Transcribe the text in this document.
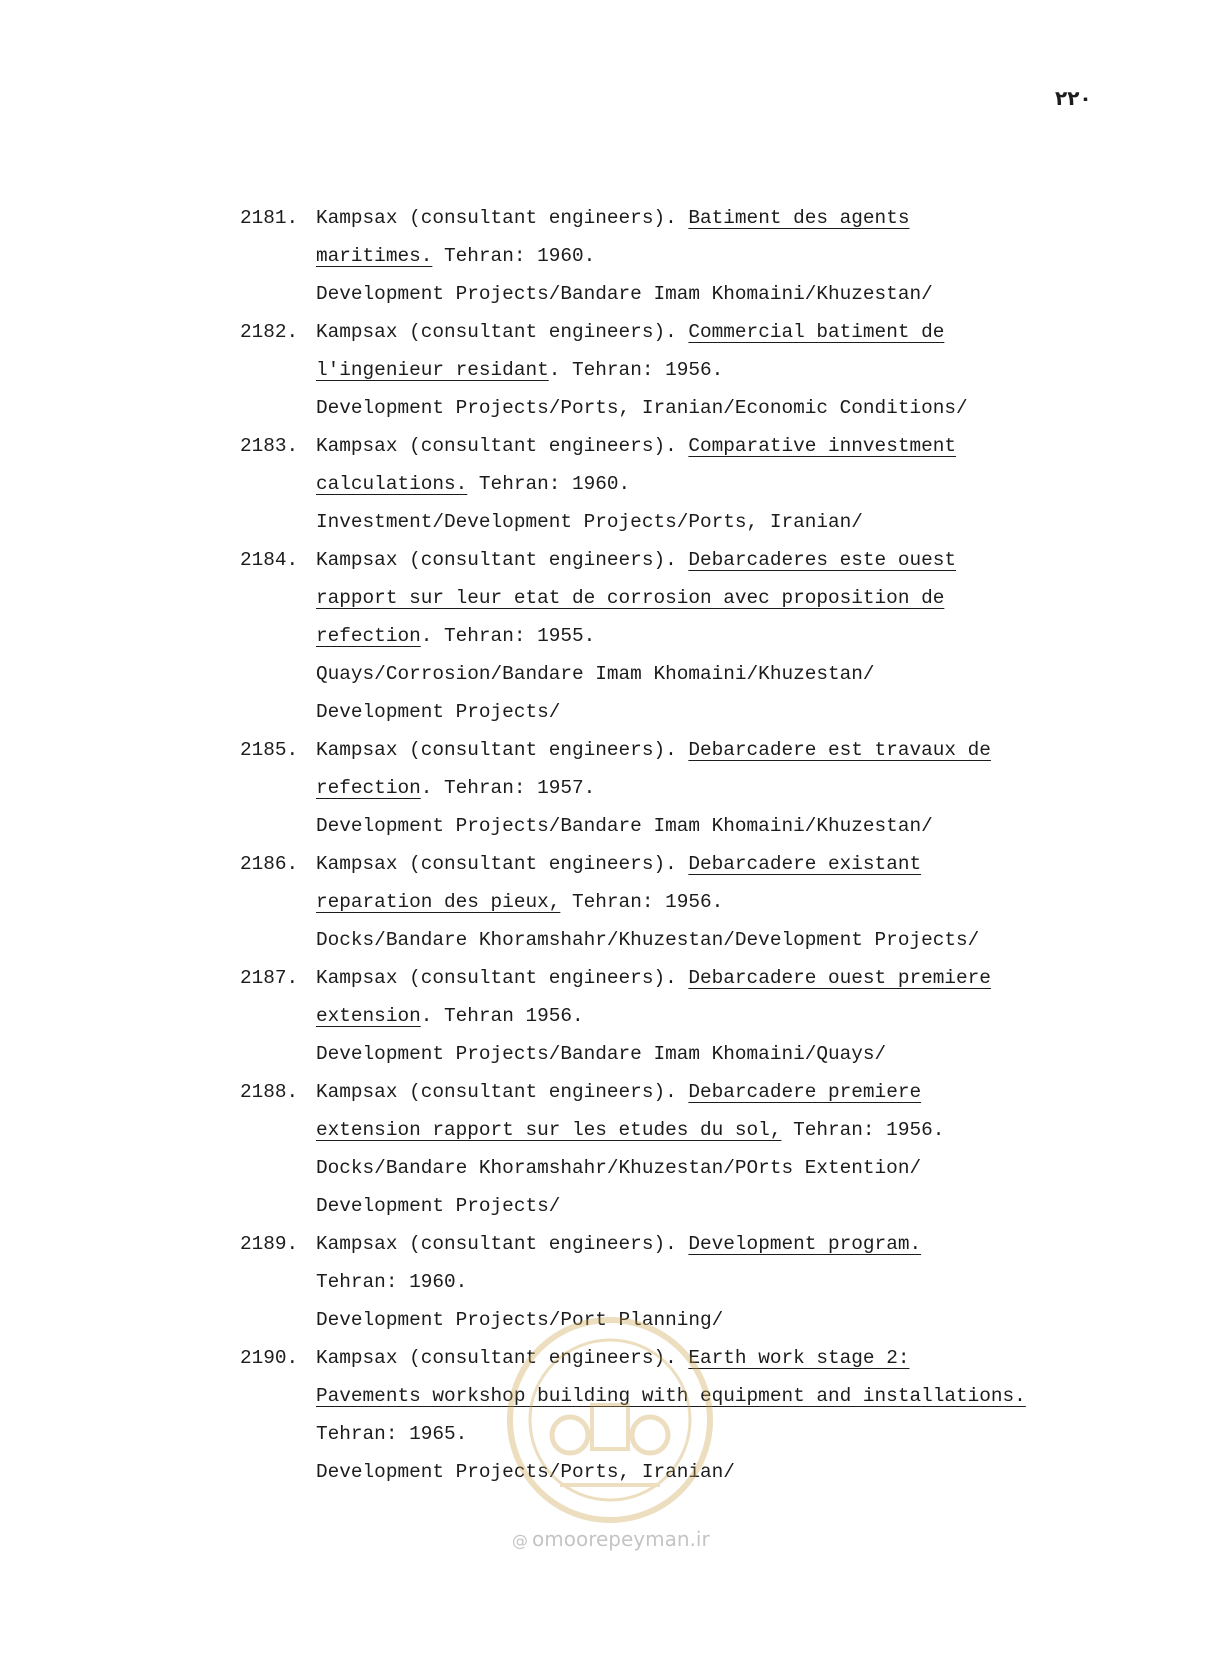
۲۲۰
2181. Kampsax (consultant engineers). Batiment des agents
maritimes. Tehran: 1960.
Development Projects/Bandare Imam Khomaini/Khuzestan/
2182. Kampsax (consultant engineers). Commercial batiment de
l'ingenieur residant. Tehran: 1956.
Development Projects/Ports, Iranian/Economic Conditions/
2183. Kampsax (consultant engineers). Comparative innvestment
calculations. Tehran: 1960.
Investment/Development Projects/Ports, Iranian/
2184. Kampsax (consultant engineers). Debarcaderes este ouest
rapport sur leur etat de corrosion avec proposition de
refection. Tehran: 1955.
Quays/Corrosion/Bandare Imam Khomaini/Khuzestan/
Development Projects/
2185. Kampsax (consultant engineers). Debarcadere est travaux de
refection. Tehran: 1957.
Development Projects/Bandare Imam Khomaini/Khuzestan/
2186. Kampsax (consultant engineers). Debarcadere existant
reparation des pieux, Tehran: 1956.
Docks/Bandare Khoramshahr/Khuzestan/Development Projects/
2187. Kampsax (consultant engineers). Debarcadere ouest premiere
extension. Tehran 1956.
Development Projects/Bandare Imam Khomaini/Quays/
2188. Kampsax (consultant engineers). Debarcadere premiere
extension rapport sur les etudes du sol, Tehran: 1956.
Docks/Bandare Khoramshahr/Khuzestan/POrts Extention/
Development Projects/
2189. Kampsax (consultant engineers). Development program.
Tehran: 1960.
Development Projects/Port Planning/
2190. Kampsax (consultant engineers). Earth work stage 2:
Pavements workshop building with equipment and installations.
Tehran: 1965.
Development Projects/Ports, Iranian/
@ omoorepeyman.ir
